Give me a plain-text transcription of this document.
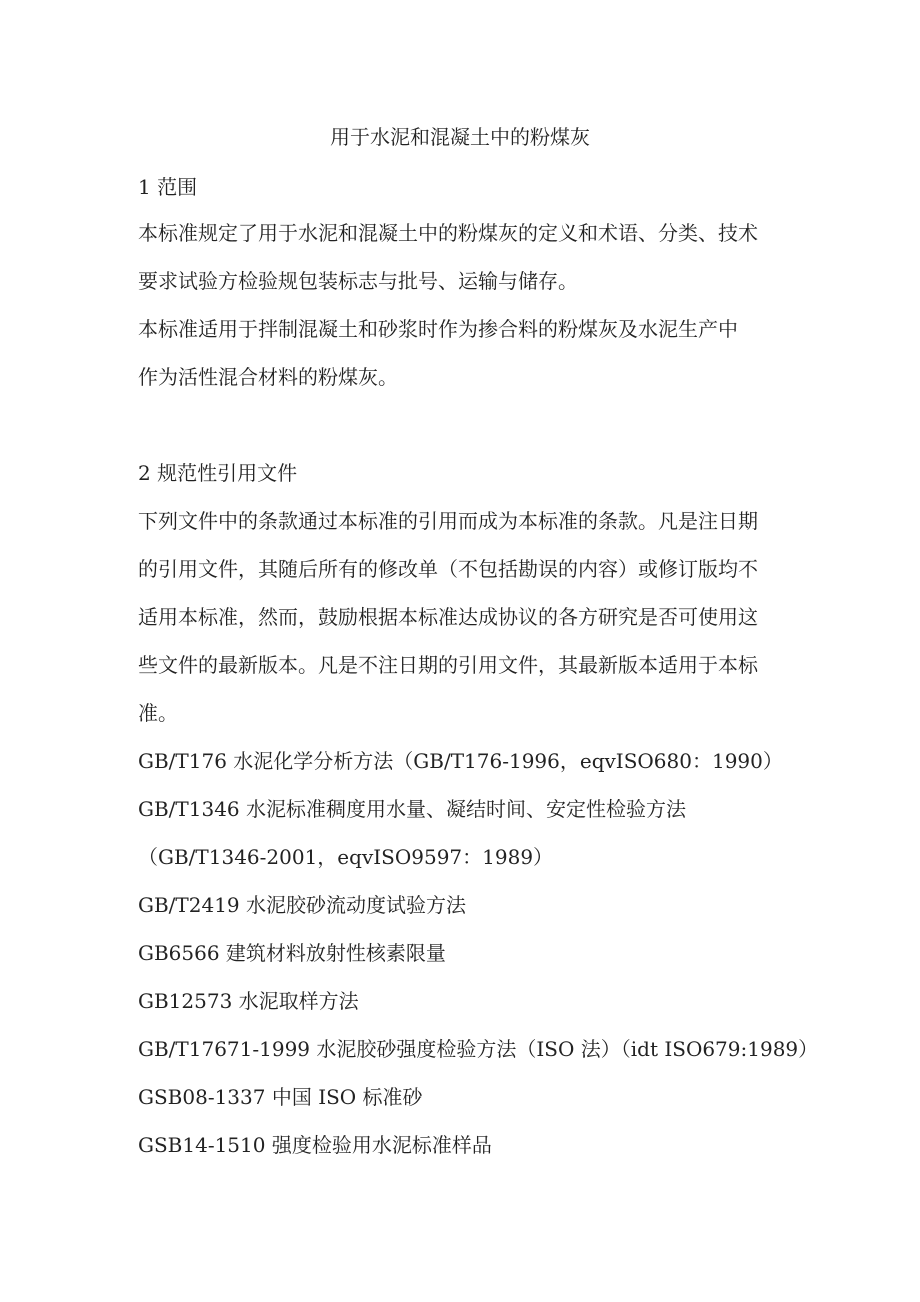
用于水泥和混凝土中的粉煤灰
1 范围
本标准规定了用于水泥和混凝土中的粉煤灰的定义和术语、分类、技术
要求试验方检验规包装标志与批号、运输与储存。
本标准适用于拌制混凝土和砂浆时作为掺合料的粉煤灰及水泥生产中
作为活性混合材料的粉煤灰。
2 规范性引用文件
下列文件中的条款通过本标准的引用而成为本标准的条款。凡是注日期
的引用文件，其随后所有的修改单（不包括勘误的内容）或修订版均不
适用本标准，然而，鼓励根据本标准达成协议的各方研究是否可使用这
些文件的最新版本。凡是不注日期的引用文件，其最新版本适用于本标
准。
GB/T176 水泥化学分析方法（GB/T176-1996，eqvISO680：1990）
GB/T1346 水泥标准稠度用水量、凝结时间、安定性检验方法
（GB/T1346-2001，eqvISO9597：1989）
GB/T2419 水泥胶砂流动度试验方法
GB6566 建筑材料放射性核素限量
GB12573 水泥取样方法
GB/T17671-1999 水泥胶砂强度检验方法（ISO 法）（idt ISO679:1989）
GSB08-1337 中国 ISO 标准砂
GSB14-1510 强度检验用水泥标准样品
